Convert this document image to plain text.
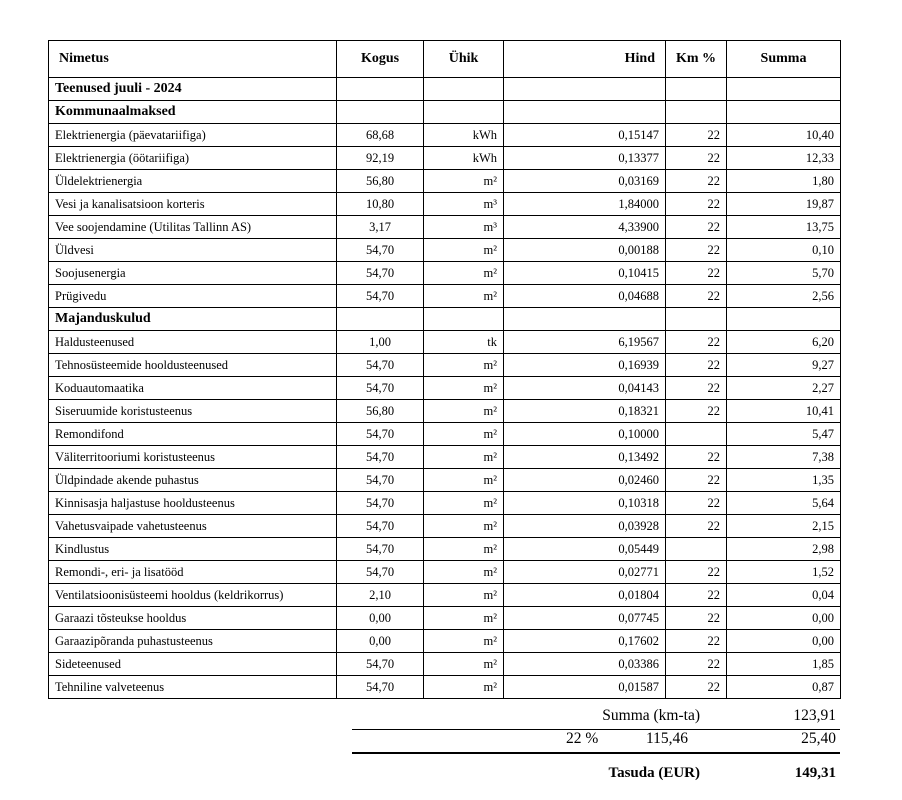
Nimetus	Kogus	Ühik	Hind	Km %	Summa
Teenused juuli - 2024					
Kommunaalmaksed					
Elektrienergia (päevatariifiga)	68,68	kWh	0,15147	22	10,40
Elektrienergia (öötariifiga)	92,19	kWh	0,13377	22	12,33
Üldelektrienergia	56,80	m²	0,03169	22	1,80
Vesi ja kanalisatsioon korteris	10,80	m³	1,84000	22	19,87
Vee soojendamine (Utilitas Tallinn AS)	3,17	m³	4,33900	22	13,75
Üldvesi	54,70	m²	0,00188	22	0,10
Soojusenergia	54,70	m²	0,10415	22	5,70
Prügivedu	54,70	m²	0,04688	22	2,56
Majanduskulud					
Haldusteenused	1,00	tk	6,19567	22	6,20
Tehnosüsteemide hooldusteenused	54,70	m²	0,16939	22	9,27
Koduautomaatika	54,70	m²	0,04143	22	2,27
Siseruumide koristusteenus	56,80	m²	0,18321	22	10,41
Remondifond	54,70	m²	0,10000		5,47
Väliterritooriumi koristusteenus	54,70	m²	0,13492	22	7,38
Üldpindade akende puhastus	54,70	m²	0,02460	22	1,35
Kinnisasja haljastuse hooldusteenus	54,70	m²	0,10318	22	5,64
Vahetusvaipade vahetusteenus	54,70	m²	0,03928	22	2,15
Kindlustus	54,70	m²	0,05449		2,98
Remondi-, eri- ja lisatööd	54,70	m²	0,02771	22	1,52
Ventilatsioonisüsteemi hooldus (keldrikorrus)	2,10	m²	0,01804	22	0,04
Garaazi tõsteukse hooldus	0,00	m²	0,07745	22	0,00
Garaazipõranda puhastusteenus	0,00	m²	0,17602	22	0,00
Sideteenused	54,70	m²	0,03386	22	1,85
Tehniline valveteenus	54,70	m²	0,01587	22	0,87
Summa (km-ta)	123,91
22 %	115,46	25,40
Tasuda (EUR)	149,31
